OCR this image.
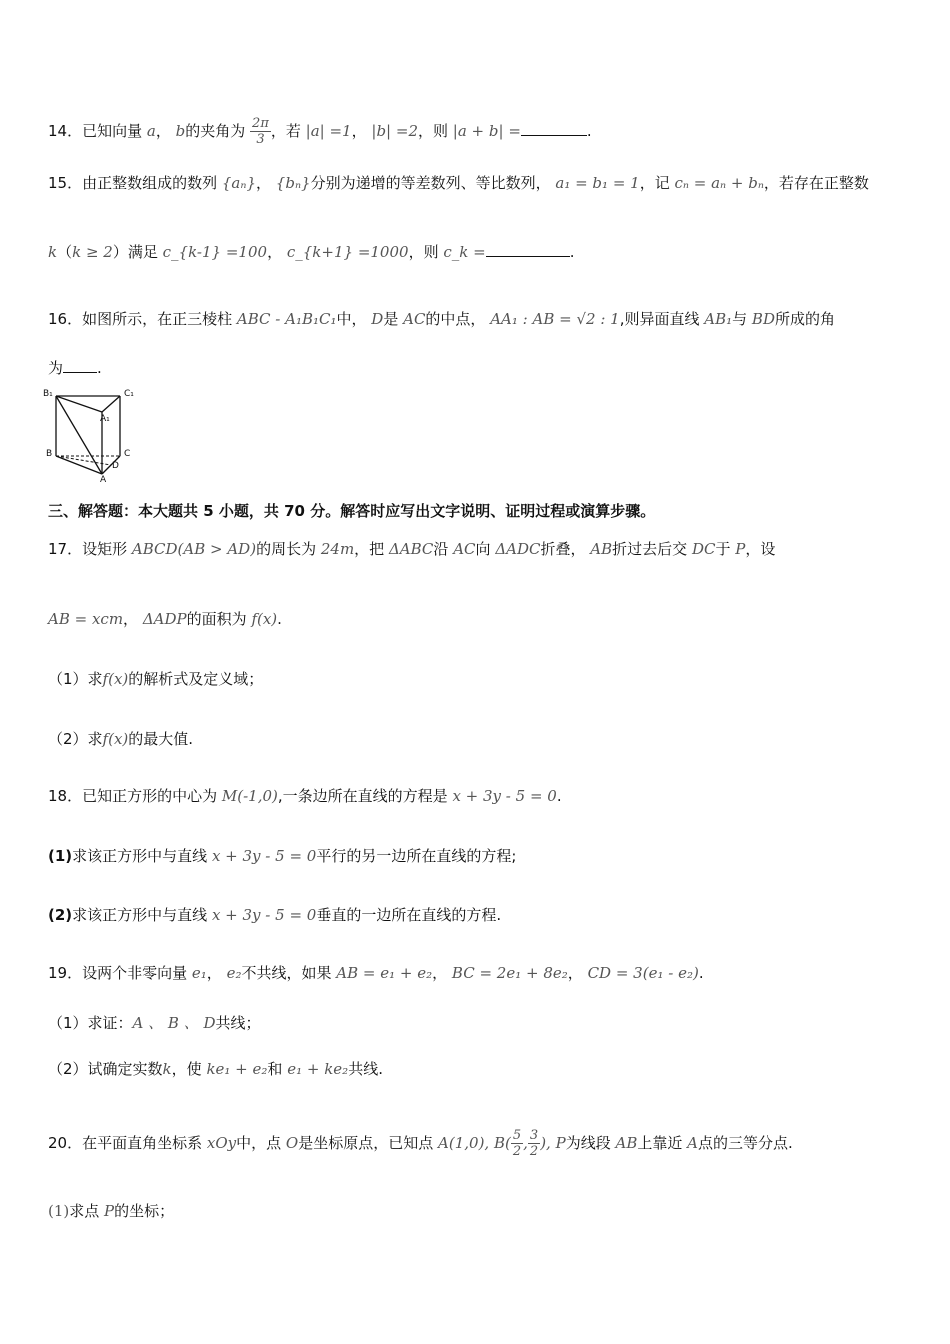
14．已知向量 a， b的夹角为 $\frac{2\pi}{3}$ ，若 |a| =1， |b| =2，则 |a + b| =	.
15．由正整数组成的数列 {aₙ}， {bₙ}分别为递增的等差数列、等比数列， a₁ = b₁ = 1，记 cₙ = aₙ + bₙ，若存在正整数
k（k ≥ 2）满足 c_{k-1} =100， c_{k+1} =1000，则 c_k =	.
16．如图所示，在正三棱柱 ABC - A₁B₁C₁中， D是 AC的中点， AA₁ : AB = √2 : 1,则异面直线 AB₁与 BD所成的角
为 .
B₁	C₁
A₁
B	C
D
A
三、解答题：本大题共 5 小题，共 70 分。解答时应写出文字说明、证明过程或演算步骤。
17．设矩形 ABCD(AB > AD)的周长为 24m，把 ΔABC沿 AC向 ΔADC折叠， AB折过去后交 DC于 P，设
AB = xcm， ΔADP的面积为 f(x).
（1）求f(x)的解析式及定义域；
（2）求f(x)的最大值.
18．已知正方形的中心为 M(-1,0),一条边所在直线的方程是 x + 3y - 5 = 0.
(1)求该正方形中与直线 x + 3y - 5 = 0平行的另一边所在直线的方程;
(2)求该正方形中与直线 x + 3y - 5 = 0垂直的一边所在直线的方程.
19．设两个非零向量 e₁， e₂不共线，如果 AB = e₁ + e₂， BC = 2e₁ + 8e₂， CD = 3(e₁ - e₂).
（1）求证：A 、 B 、 D共线；
（2）试确定实数k，使 ke₁ + e₂和 e₁ + ke₂共线.
20．在平面直角坐标系 xOy中，点 O是坐标原点，已知点 A(1,0), $B( \frac{5}{2}$ , $\frac{3}{2}$ ), P为线段 AB上靠近 A点的三等分点.
(1)求点 P的坐标；
